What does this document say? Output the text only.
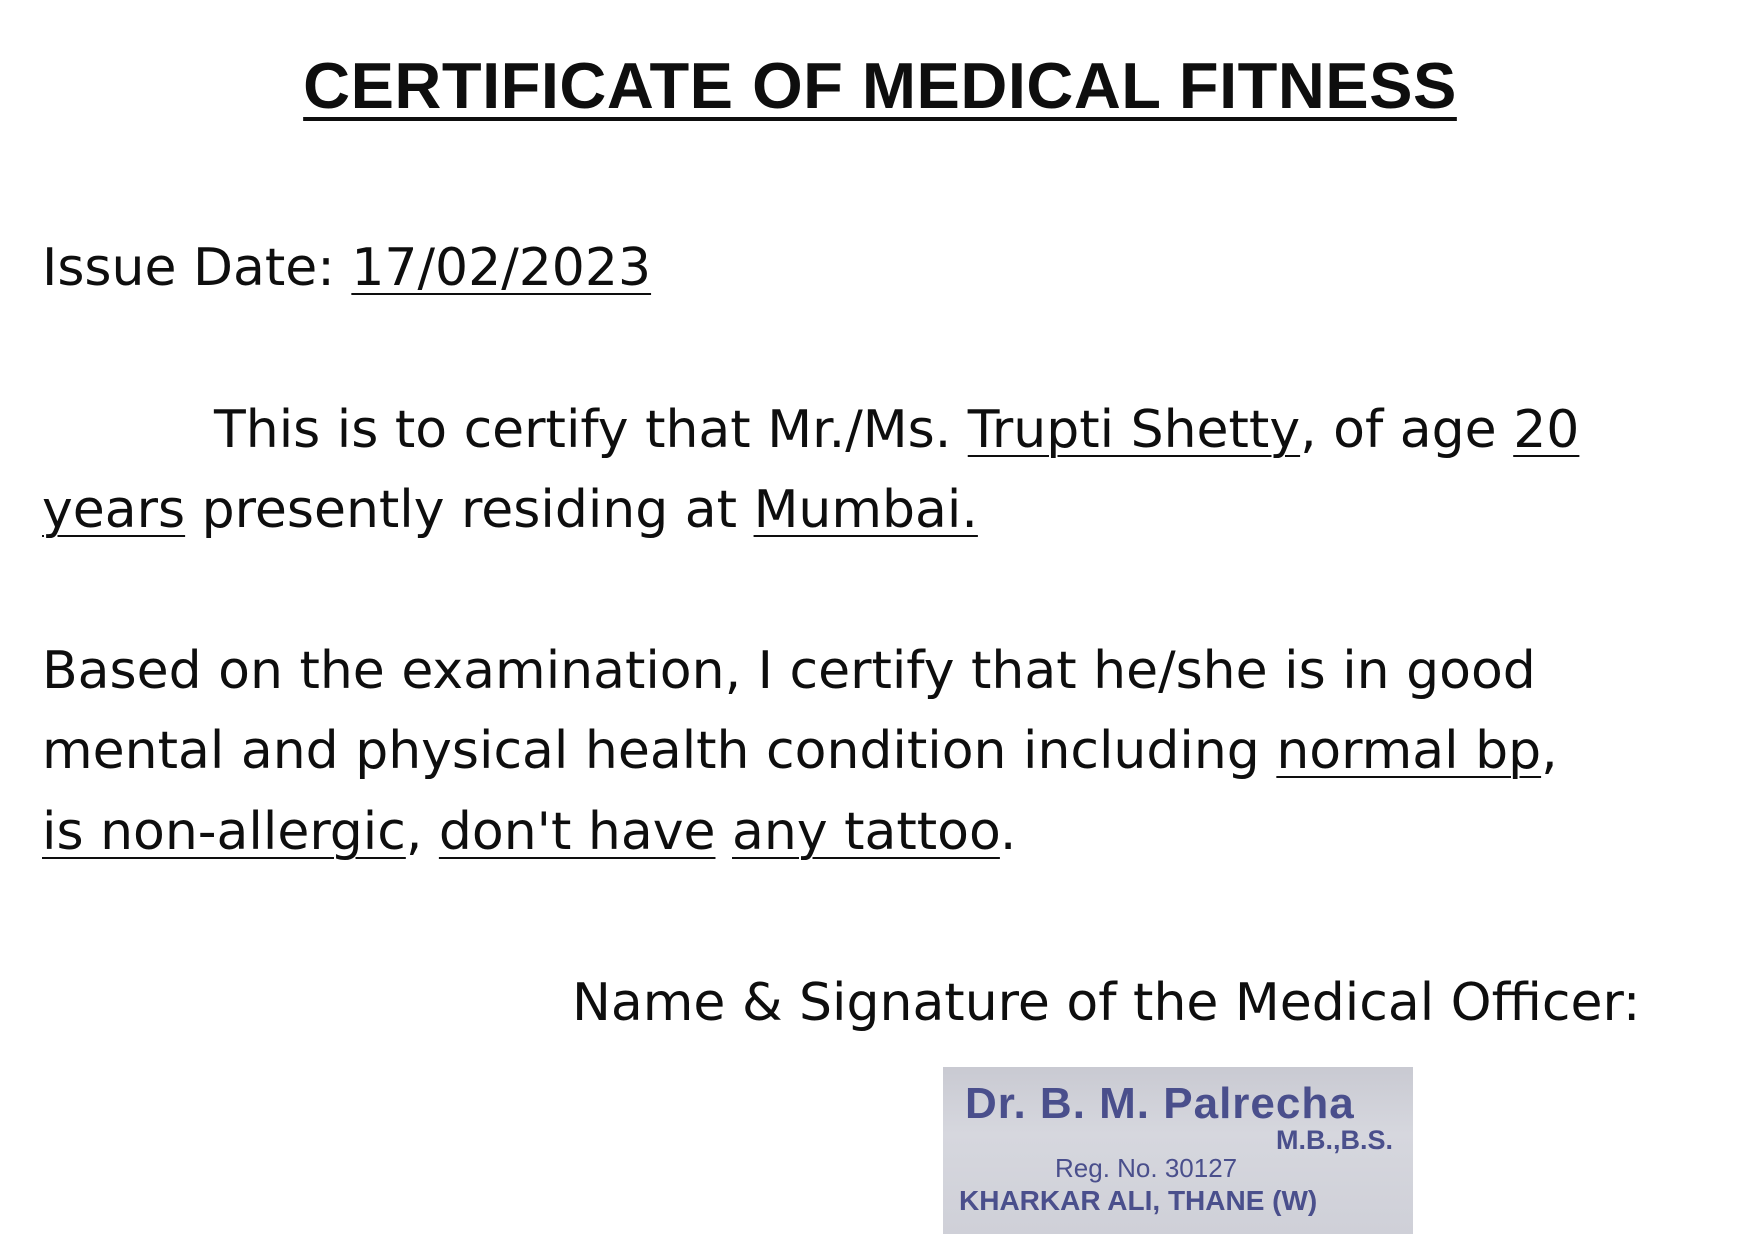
CERTIFICATE OF MEDICAL FITNESS

Issue Date: 17/02/2023

This is to certify that Mr./Ms. Trupti Shetty, of age 20

years presently residing at Mumbai.

Based on the examination, I certify that he/she is in good

mental and physical health condition including normal bp,

is non-allergic, don't have any tattoo.

Name & Signature of the Medical Officer:

Dr. B. M. Palrecha
M.B.,B.S.
Reg. No. 30127
KHARKAR ALI, THANE (W)
